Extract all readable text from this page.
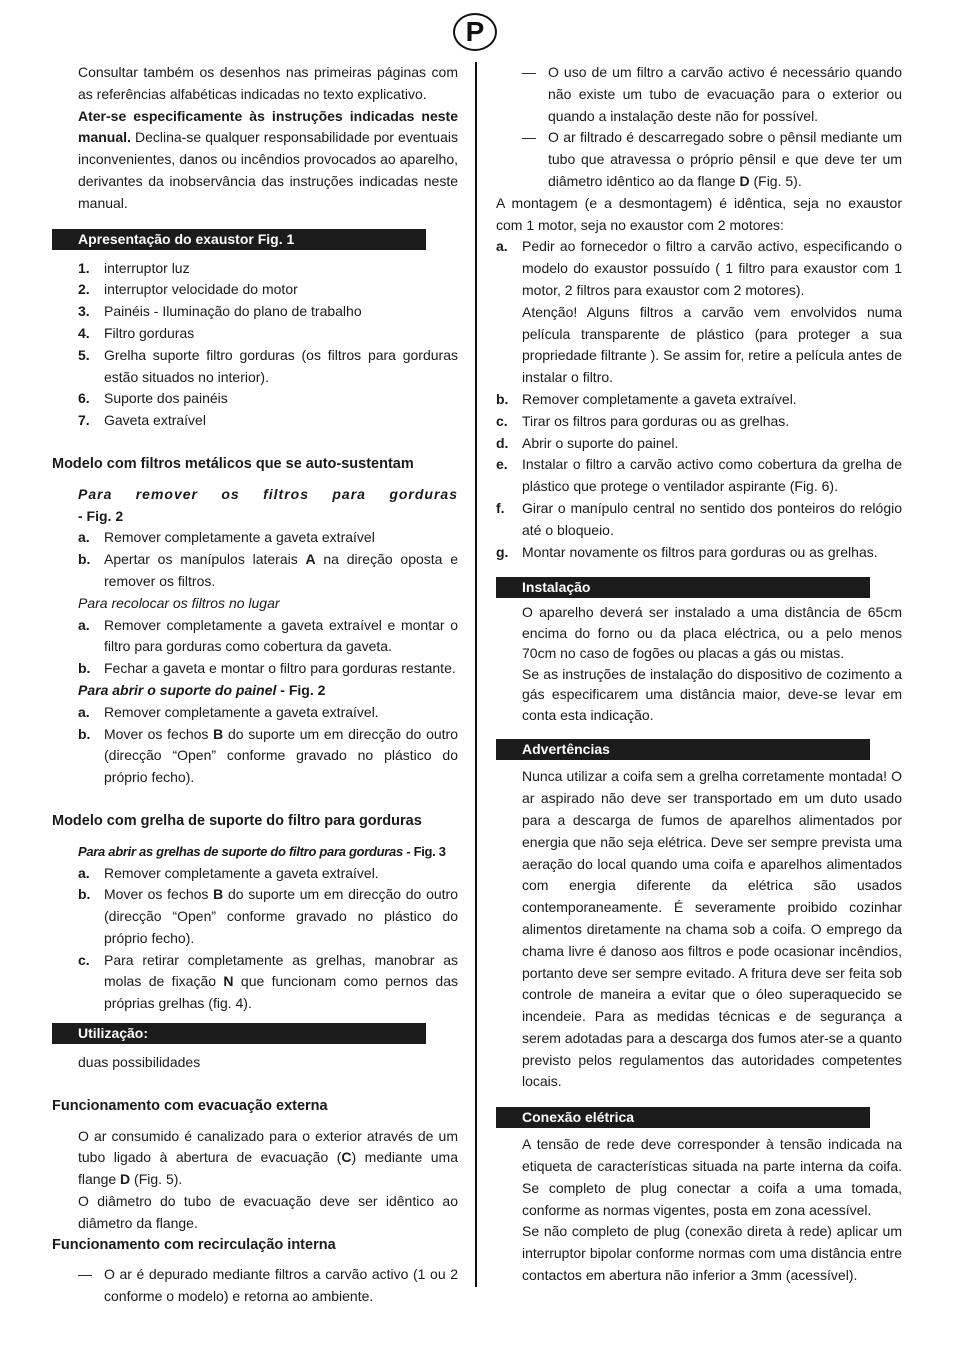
P

Consultar também os desenhos nas primeiras páginas com as referências alfabéticas indicadas no texto explicativo.

Ater-se especificamente às instruções indicadas neste manual. Declina-se qualquer responsabilidade por eventuais inconvenientes, danos ou incêndios provocados ao aparelho, derivantes da inobservância das instruções indicadas neste manual.

Apresentação do exaustor Fig. 1
1.	interruptor luz
2.	interruptor velocidade do motor
3.	Painéis - Iluminação do plano de trabalho
4.	Filtro gorduras
5.	Grelha suporte filtro gorduras (os filtros para gorduras estão situados no interior).
6.	Suporte dos painéis
7.	Gaveta extraível

Modelo com filtros metálicos que se auto-sustentam

Para remover os filtros para gorduras
- Fig. 2

a.	Remover completamente a gaveta extraível
b. Apertar os manípulos laterais A na direção oposta e remover os filtros.

Para recolocar os filtros no lugar

a.	Remover completamente a gaveta extraível e montar o filtro para gorduras como cobertura da gaveta.
b. Fechar a gaveta e montar o filtro para gorduras restante.

Para abrir o suporte do painel - Fig. 2

a.	Remover completamente a gaveta extraível.
b. Mover os fechos B do suporte um em direcção do outro (direcção “Open” conforme gravado no plástico do próprio fecho).

Modelo com grelha de suporte do filtro para gorduras

Para abrir as grelhas de suporte do filtro para gorduras - Fig. 3

a.	Remover completamente a gaveta extraível.
b. Mover os fechos B do suporte um em direcção do outro (direcção “Open” conforme gravado no plástico do próprio fecho).
c.	Para retirar completamente as grelhas, manobrar as molas de fixação N que funcionam como pernos das próprias grelhas (fig. 4).
Utilização:

duas possibilidades

Funcionamento com evacuação externa

O ar consumido é canalizado para o exterior através de um tubo ligado à abertura de evacuação (C) mediante uma flange D (Fig. 5).

O diâmetro do tubo de evacuação deve ser idêntico ao diâmetro da flange.

Funcionamento com recirculação interna

— O ar é depurado mediante filtros a carvão activo (1 ou 2 conforme o modelo) e retorna ao ambiente.
— O uso de um filtro a carvão activo é necessário quando não existe um tubo de evacuação para o exterior ou quando a instalação deste não for possível.
— O ar filtrado é descarregado sobre o pênsil mediante um tubo que atravessa o próprio pênsil e que deve ter um diâmetro idêntico ao da flange D (Fig. 5).

A montagem (e a desmontagem) é idêntica, seja no exaustor com 1 motor, seja no exaustor com 2 motores:

a.	Pedir ao fornecedor o filtro a carvão activo, especificando o modelo do exaustor possuído ( 1 filtro para exaustor com 1 motor, 2 filtros para exaustor com 2 motores).
Atenção! Alguns filtros a carvão vem envolvidos numa película transparente de plástico (para proteger a sua propriedade filtrante ). Se assim for, retire a película antes de instalar o filtro.
b. Remover completamente a gaveta extraível.
c.	Tirar os filtros para gorduras ou as grelhas.
d. Abrir o suporte do painel.
e.	Instalar o filtro a carvão activo como cobertura da grelha de plástico que protege o ventilador aspirante (Fig. 6).
f.	Girar o manípulo central no sentido dos ponteiros do relógio até o bloqueio.
g. Montar novamente os filtros para gorduras ou as grelhas.
Instalação

O aparelho deverá ser instalado a uma distância de 65cm encima do forno ou da placa eléctrica, ou a pelo menos 70cm no caso de fogões ou placas a gás ou mistas.

Se as instruções de instalação do dispositivo de cozimento a gás especificarem uma distância maior, deve-se levar em conta esta indicação.

Advertências

Nunca utilizar a coifa sem a grelha corretamente montada! O ar aspirado não deve ser transportado em um duto usado para a descarga de fumos de aparelhos alimentados por energia que não seja elétrica. Deve ser sempre prevista uma aeração do local quando uma coifa e aparelhos alimentados com energia diferente da elétrica são usados contemporaneamente. É severamente proibido cozinhar alimentos diretamente na chama sob a coifa. O emprego da chama livre é danoso aos filtros e pode ocasionar incêndios, portanto deve ser sempre evitado. A fritura deve ser feita sob controle de maneira a evitar que o óleo superaquecido se incendeie. Para as medidas técnicas e de segurança a serem adotadas para a descarga dos fumos ater-se a quanto previsto pelos regulamentos das autoridades competentes locais.

Conexão elétrica

A tensão de rede deve corresponder à tensão indicada na etiqueta de características situada na parte interna da coifa. Se completo de plug conectar a coifa a uma tomada, conforme as normas vigentes, posta em zona acessível.

Se não completo de plug (conexão direta à rede) aplicar um interruptor bipolar conforme normas com uma distância entre contactos em abertura não inferior a 3mm (acessível).
